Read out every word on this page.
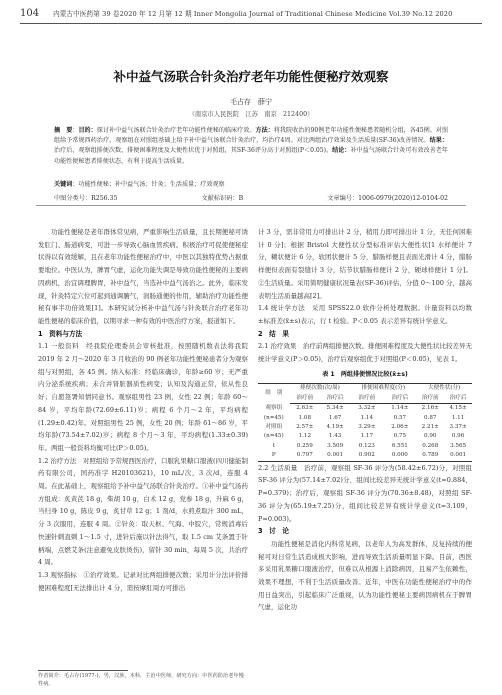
104 内蒙古中医药第 39 卷2020 年 12 月第 12 期 Inner Mongolia Journal of Traditional Chinese Medicine Vol.39 No.12 2020
补中益气汤联合针灸治疗老年功能性便秘疗效观察
毛占存　薛宁
（南京市人民医院　江苏　南京　212400）
摘　要：目的：探讨补中益气汤联合针灸治疗老年功能性便秘的临床疗效。方法：将我院收治的90例老年功能性便秘患者随机分组，各45例。对照组给予常规西药治疗，观察组在对照组基础上给予补中益气汤联合针灸治疗，均治疗4周。对比两组治疗效果及生活质量(SF-36)改善情况。结果：治疗后，观察组排便次数、排便困难程度及大便性状优于对照组，其SF-36评分高于对照组(P＜0.05)。结论：补中益气汤联合针灸可有效改善老年功能性便秘患者排便状态，有利于提高生活质量。
关键词：功能性便秘；补中益气汤；针灸；生活质量；疗效观察
中图分类号：R256.35	文献标识码：B	文章编号：1006-0979(2020)12-0104-02

功能性便秘是老年群体常见病，严重影响生活质量，且长期便秘可诱发肛门、肠道病变，可进一步导致心脑血管疾病。积极治疗可促使便秘症状得以有效缓解，且在老年功能性便秘治疗中，中医以其独特优势占据重要地位。中医认为，脾胃气虚，运化功能失调是导致功能性便秘的主要病因病机，治宜调理脾胃，补中益气，当选补中益气汤治之。此外，临床发现，针灸特定穴位可起到通调腑气，润肠通便的作用，辅助治疗功能性便秘有事半功倍效果[1]。本研究试分析补中益气汤与针灸联合治疗老年功能性便秘的临床价值，以期寻求一种有效的中医治疗方案，报道如下。

1　资料与方法

1.1 一般资料　经我院伦理委员会审核批准，按照随机数表法将我院 2019 年 2 月～2020 年 3 月收治的 90 例老年功能性便秘患者分为观察组与对照组，各 45 例。纳入标准：经临床确诊，年龄≥60 岁；无严重内分泌系统疾病；未合并肾脏器质性病变；认知及沟通正常，依从性良好；自愿签署知情同意书。观察组男性 23 例，女性 22 例；年龄 60～84 岁，平均年龄(72.69±6.11)岁；病程 6 个月～2 年，平均病程(1.29±0.42)年。对照组男性 25 例，女性 20 例；年龄 61～86 岁，平均年龄(73.54±7.02)岁；病程 8 个月～3 年，平均病程(1.33±0.39)年。两组一般资料均衡可比(P＞0.05)。

1.2 治疗方法　对照组给予常规西医治疗，口服乳果糖口服液(四川健能制药有限公司，国药准字 H20103621)，10 mL/次，3 次/d，连服 4 周。在此基础上，观察组给予补中益气汤联合针灸治疗。①补中益气汤药方组成：炙黄芪 18 g，柴胡 10 g，白术 12 g，党参 18 g，升麻 6 g，当归身 10 g，陈皮 9 g，炙甘草 12 g；1 剂/d，水煎煮取汁 300 mL，分 3 次服用，连服 4 周。②针灸：取天枢、气海、中脘穴，常规消毒后快速针刺直刺 1～1.5 寸，进针后施以针法得气，取 1.5 cm 艾条置于针柄端，点燃艾条(注意避免皮肤烫伤)，留针 30 min，每周 5 次，共治疗 4 周。

1.3 观察指标　①治疗效果。记录对比两组排便次数；采用计分法评价排便困难程度[无法排出计 4 分，需按摩肛周方可排出

计 3 分，需非常用力可排出计 2 分，稍用力即可排出计 1 分，无任何困难计 0 分]；根据 Bristol 大便性状分型标准评估大便性状[1 水样便计 7 分，糊状便计 6 分，软团状便计 5 分，腊肠样便且表面光滑计 4 分，腊肠样便但表面有裂缝计 3 分，结节状腊肠样便计 2 分，硬球样便计 1 分]。②生活质量。采用简明健康状况量表(SF-36)评估，分值 0～100 分，越高表明生活质量越高[2]。

1.4 统计学方法　采用 SPSS22.0 软件分析处理数据。计量资料以均数±标准差(x̄±s)表示，行 t 检验。P＜0.05 表示差异有统计学意义。

2　结　果

2.1 治疗效果　治疗前两组排便次数、排便困难程度及大便性状比较差异无统计学意义(P＞0.05)，治疗后观察组优于对照组(P＜0.05)，见表 1。

表 1　两组排便情况比较(x̄±s)
组　别	排便次数(次/周)		排便困难程度(分)		大便性状(分)	
	治疗前	治疗后	治疗前	治疗后	治疗前	治疗后
观察组	2.63±	5.34±	3.32±	1.14±	2.16±	4.15±
(n=45)	1.08	1.67	1.14	0.57	0.87	1.11
对照组	2.57±	4.19±	3.29±	2.06±	2.21±	3.37±
(n=45)	1.12	1.43	1.17	0.75	0.90	0.96
t	0.259	3.509	0.123	6.551	0.268	3.565
P	0.797	0.001	0.902	0.000	0.789	0.001

2.2 生活质量　治疗前，观察组 SF-36 评分为(58.42±6.72)分，对照组 SF-36 评分为(57.14±7.02)分，组间比较差异无统计学意义(t=0.884，P=0.379)；治疗后，观察组 SF-36 评分为(70.36±8.48)，对照组 SF-36 评分为(65.19±7.25)分，组间比较差异有统计学意义(t=3.109，P=0.003)。

3　讨　论

功能性便秘是消化内科常见病，以老年人为高发群体，反复持续的便秘可对日常生活造成极大影响，进而导致生活质量明显下降。目前，西医多采用乳果糖口服液治疗，但难以从根源上消除病因，且易产生依赖性，效果不理想，不利于生活质量改善。近年，中医在功能性便秘治疗中的作用日益突出，引起临床广泛重视，认为功能性便秘主要病因病机在于脾胃气虚，运化功

作者简介：毛占存(1977-)，男，汉族，本科，主治中医师，研究方向：中医药防治老年慢性病。
